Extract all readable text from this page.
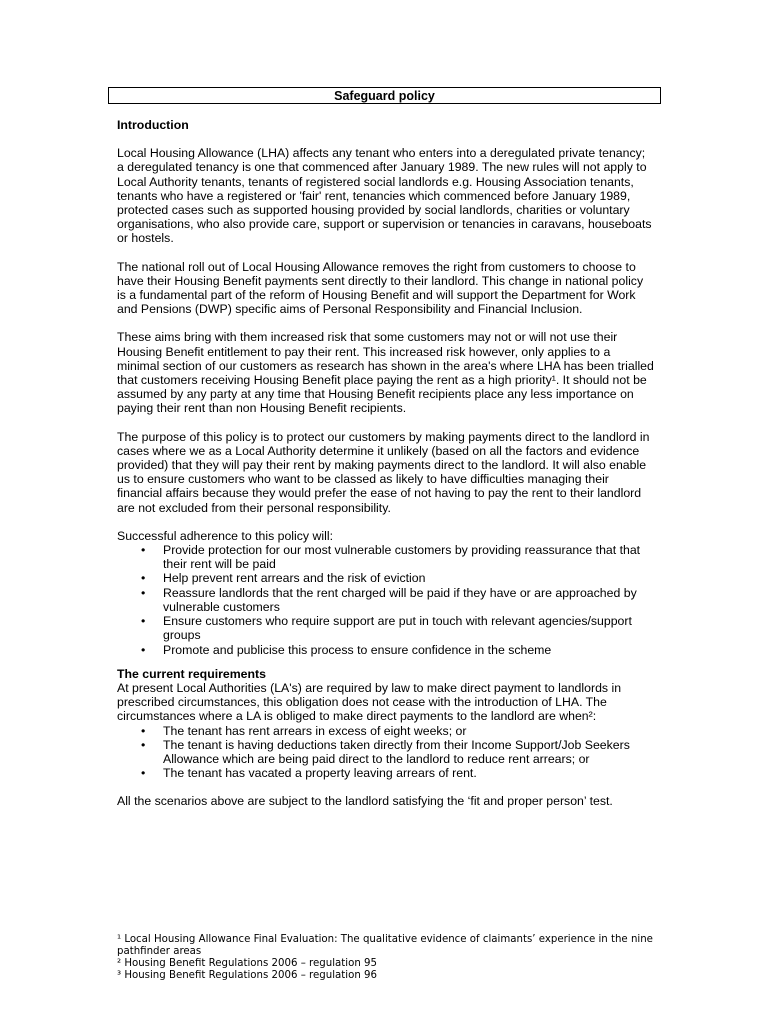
Safeguard policy

Introduction

Local Housing Allowance (LHA) affects any tenant who enters into a deregulated private tenancy; a deregulated tenancy is one that commenced after January 1989. The new rules will not apply to Local Authority tenants, tenants of registered social landlords e.g. Housing Association tenants, tenants who have a registered or 'fair' rent, tenancies which commenced before January 1989, protected cases such as supported housing provided by social landlords, charities or voluntary organisations, who also provide care, support or supervision or tenancies in caravans, houseboats or hostels.

The national roll out of Local Housing Allowance removes the right from customers to choose to have their Housing Benefit payments sent directly to their landlord. This change in national policy is a fundamental part of the reform of Housing Benefit and will support the Department for Work and Pensions (DWP) specific aims of Personal Responsibility and Financial Inclusion.

These aims bring with them increased risk that some customers may not or will not use their Housing Benefit entitlement to pay their rent. This increased risk however, only applies to a minimal section of our customers as research has shown in the area's where LHA has been trialled that customers receiving Housing Benefit place paying the rent as a high priority¹. It should not be assumed by any party at any time that Housing Benefit recipients place any less importance on paying their rent than non Housing Benefit recipients.

The purpose of this policy is to protect our customers by making payments direct to the landlord in cases where we as a Local Authority determine it unlikely (based on all the factors and evidence provided) that they will pay their rent by making payments direct to the landlord. It will also enable us to ensure customers who want to be classed as likely to have difficulties managing their financial affairs because they would prefer the ease of not having to pay the rent to their landlord are not excluded from their personal responsibility.

Successful adherence to this policy will:

• Provide protection for our most vulnerable customers by providing reassurance that that their rent will be paid
• Help prevent rent arrears and the risk of eviction
• Reassure landlords that the rent charged will be paid if they have or are approached by vulnerable customers
• Ensure customers who require support are put in touch with relevant agencies/support groups
• Promote and publicise this process to ensure confidence in the scheme

The current requirements

At present Local Authorities (LA's) are required by law to make direct payment to landlords in prescribed circumstances, this obligation does not cease with the introduction of LHA. The circumstances where a LA is obliged to make direct payments to the landlord are when²:

• The tenant has rent arrears in excess of eight weeks; or
• The tenant is having deductions taken directly from their Income Support/Job Seekers Allowance which are being paid direct to the landlord to reduce rent arrears; or
• The tenant has vacated a property leaving arrears of rent.

All the scenarios above are subject to the landlord satisfying the ‘fit and proper person’ test.

¹ Local Housing Allowance Final Evaluation: The qualitative evidence of claimants’ experience in the nine pathfinder areas

² Housing Benefit Regulations 2006 – regulation 95

³ Housing Benefit Regulations 2006 – regulation 96
